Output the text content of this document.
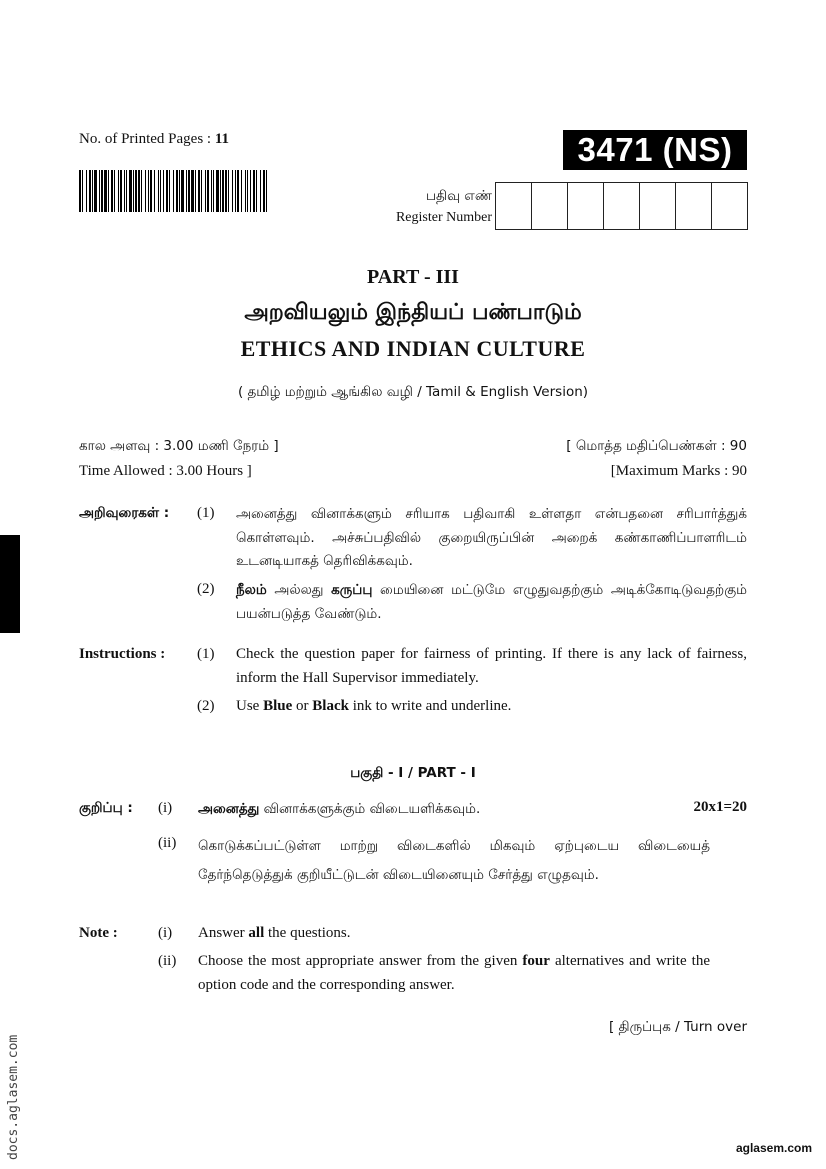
No. of Printed Pages : 11	3471 (NS)
பதிவு எண்
Register Number
PART - III
அறவியலும் இந்தியப் பண்பாடும்
ETHICS AND INDIAN CULTURE
( தமிழ் மற்றும் ஆங்கில வழி / Tamil & English Version)
கால அளவு : 3.00 மணி நேரம் ]
Time Allowed : 3.00 Hours ]
[ மொத்த மதிப்பெண்கள் : 90
[Maximum Marks : 90
அறிவுரைகள் : (1) அனைத்து வினாக்களும் சரியாக பதிவாகி உள்ளதா என்பதனை சரிபார்த்துக் கொள்ளவும். அச்சுப்பதிவில் குறையிருப்பின் அறைக் கண்காணிப்பாளரிடம் உடனடியாகத் தெரிவிக்கவும்.
(2) நீலம் அல்லது கருப்பு மையினை மட்டுமே எழுதுவதற்கும் அடிக்கோடிடுவதற்கும் பயன்படுத்த வேண்டும்.
Instructions : (1) Check the question paper for fairness of printing. If there is any lack of fairness, inform the Hall Supervisor immediately.
(2) Use Blue or Black ink to write and underline.
பகுதி - I / PART - I
குறிப்பு : (i) அனைத்து வினாக்களுக்கும் விடையளிக்கவும்.	20x1=20
(ii) கொடுக்கப்பட்டுள்ள மாற்று விடைகளில் மிகவும் ஏற்புடைய விடையைத் தேர்ந்தெடுத்துக் குறியீட்டுடன் விடையினையும் சேர்த்து எழுதவும்.
Note :	(i) Answer all the questions.
(ii) Choose the most appropriate answer from the given four alternatives and write the option code and the corresponding answer.
[ திருப்புக / Turn over
docs.aglasem.com	aglasem.com
